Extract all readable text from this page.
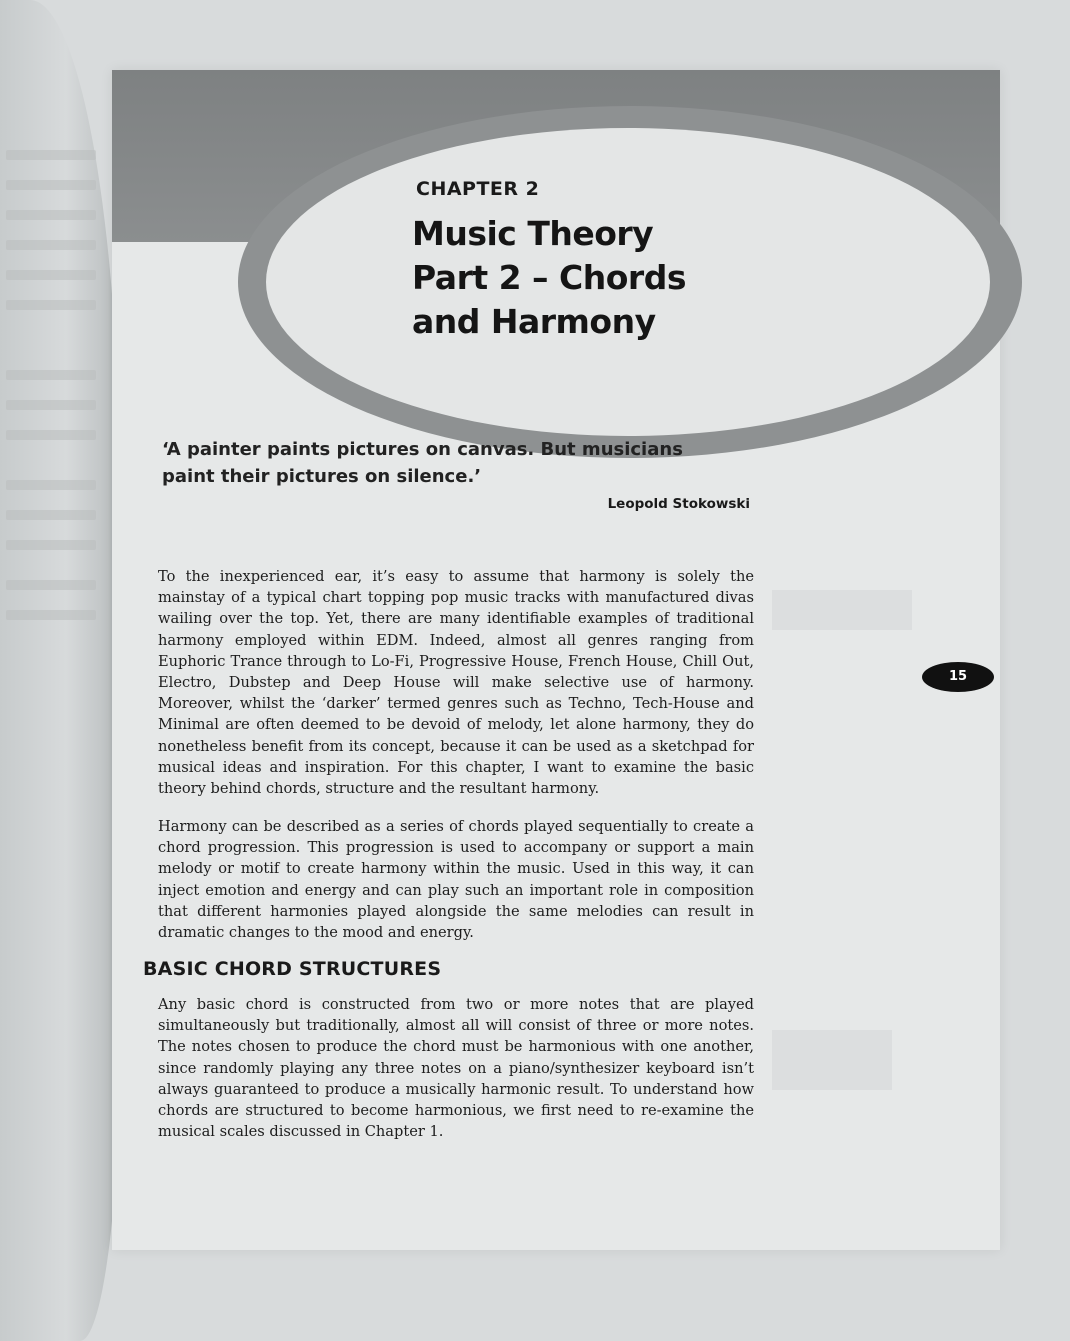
CHAPTER 2

Music Theory
Part 2 – Chords
and Harmony

‘A painter paints pictures on canvas. But musicians
paint their pictures on silence.’

Leopold Stokowski

To the inexperienced ear, it’s easy to assume that harmony is solely the mainstay of a typical chart topping pop music tracks with manufactured divas wailing over the top. Yet, there are many identifiable examples of traditional harmony employed within EDM. Indeed, almost all genres ranging from Euphoric Trance through to Lo-Fi, Progressive House, French House, Chill Out, Electro, Dubstep and Deep House will make selective use of harmony. Moreover, whilst the ‘darker’ termed genres such as Techno, Tech-House and Minimal are often deemed to be devoid of melody, let alone harmony, they do nonetheless benefit from its concept, because it can be used as a sketchpad for musical ideas and inspiration. For this chapter, I want to examine the basic theory behind chords, structure and the resultant harmony.

Harmony can be described as a series of chords played sequentially to create a chord progression. This progression is used to accompany or support a main melody or motif to create harmony within the music. Used in this way, it can inject emotion and energy and can play such an important role in composition that different harmonies played alongside the same melodies can result in dramatic changes to the mood and energy.

BASIC CHORD STRUCTURES

Any basic chord is constructed from two or more notes that are played simultaneously but traditionally, almost all will consist of three or more notes. The notes chosen to produce the chord must be harmonious with one another, since randomly playing any three notes on a piano/synthesizer keyboard isn’t always guaranteed to produce a musically harmonic result. To understand how chords are structured to become harmonious, we first need to re-examine the musical scales discussed in Chapter 1.

15
